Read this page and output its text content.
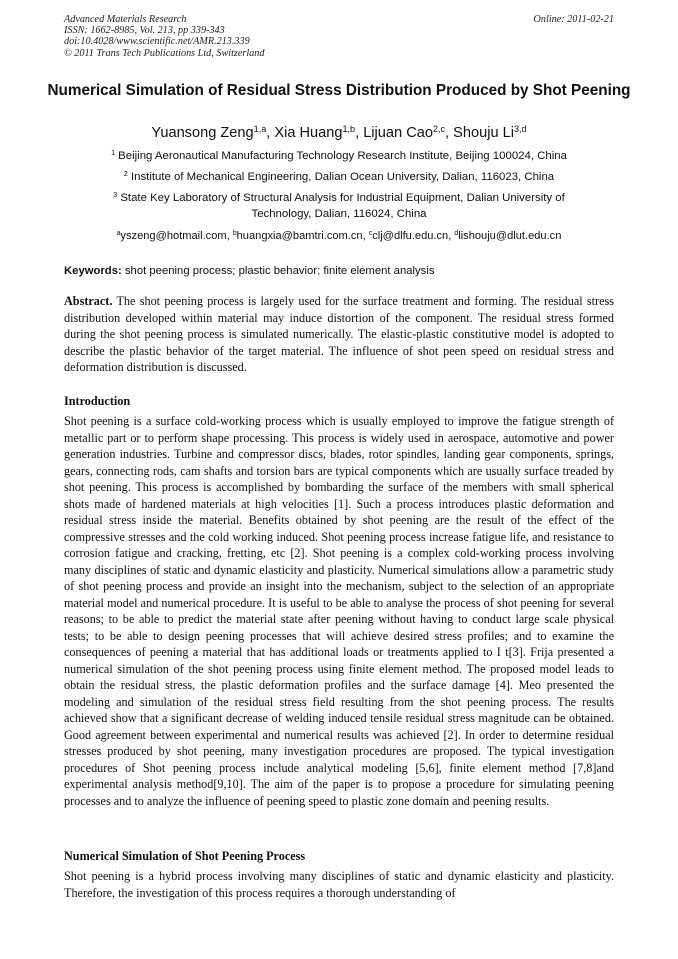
Advanced Materials Research
ISSN: 1662-8985, Vol. 213, pp 339-343
doi:10.4028/www.scientific.net/AMR.213.339
© 2011 Trans Tech Publications Ltd, Switzerland
Online: 2011-02-21
Numerical Simulation of Residual Stress Distribution Produced by Shot Peening
Yuansong Zeng$^{1,a}$, Xia Huang$^{1,b}$, Lijuan Cao$^{2,c}$, Shouju Li$^{3,d}$
$^1$ Beijing Aeronautical Manufacturing Technology Research Institute, Beijing 100024, China
$^2$ Institute of Mechanical Engineering, Dalian Ocean University, Dalian, 116023, China
$^3$ State Key Laboratory of Structural Analysis for Industrial Equipment, Dalian University of Technology, Dalian, 116024, China
$^a$yszeng@hotmail.com, $^b$huangxia@bamtri.com.cn, $^c$clj@dlfu.edu.cn, $^d$lishouju@dlut.edu.cn
Keywords: shot peening process; plastic behavior; finite element analysis
Abstract. The shot peening process is largely used for the surface treatment and forming. The residual stress distribution developed within material may induce distortion of the component. The residual stress formed during the shot peening process is simulated numerically. The elastic-plastic constitutive model is adopted to describe the plastic behavior of the target material. The influence of shot peen speed on residual stress and deformation distribution is discussed.
Introduction
Shot peening is a surface cold-working process which is usually employed to improve the fatigue strength of metallic part or to perform shape processing. This process is widely used in aerospace, automotive and power generation industries. Turbine and compressor discs, blades, rotor spindles, landing gear components, springs, gears, connecting rods, cam shafts and torsion bars are typical components which are usually surface treaded by shot peening. This process is accomplished by bombarding the surface of the members with small spherical shots made of hardened materials at high velocities [1]. Such a process introduces plastic deformation and residual stress inside the material. Benefits obtained by shot peening are the result of the effect of the compressive stresses and the cold working induced. Shot peening process increase fatigue life, and resistance to corrosion fatigue and cracking, fretting, etc [2]. Shot peening is a complex cold-working process involving many disciplines of static and dynamic elasticity and plasticity. Numerical simulations allow a parametric study of shot peening process and provide an insight into the mechanism, subject to the selection of an appropriate material model and numerical procedure. It is useful to be able to analyse the process of shot peening for several reasons; to be able to predict the material state after peening without having to conduct large scale physical tests; to be able to design peening processes that will achieve desired stress profiles; and to examine the consequences of peening a material that has additional loads or treatments applied to I t[3]. Frija presented a numerical simulation of the shot peening process using finite element method. The proposed model leads to obtain the residual stress, the plastic deformation profiles and the surface damage [4]. Meo presented the modeling and simulation of the residual stress field resulting from the shot peening process. The results achieved show that a significant decrease of welding induced tensile residual stress magnitude can be obtained. Good agreement between experimental and numerical results was achieved [2]. In order to determine residual stresses produced by shot peening, many investigation procedures are proposed. The typical investigation procedures of Shot peening process include analytical modeling [5,6], finite element method [7,8]and experimental analysis method[9,10]. The aim of the paper is to propose a procedure for simulating peening processes and to analyze the influence of peening speed to plastic zone domain and peening results.
Numerical Simulation of Shot Peening Process
Shot peening is a hybrid process involving many disciplines of static and dynamic elasticity and plasticity. Therefore, the investigation of this process requires a thorough understanding of
